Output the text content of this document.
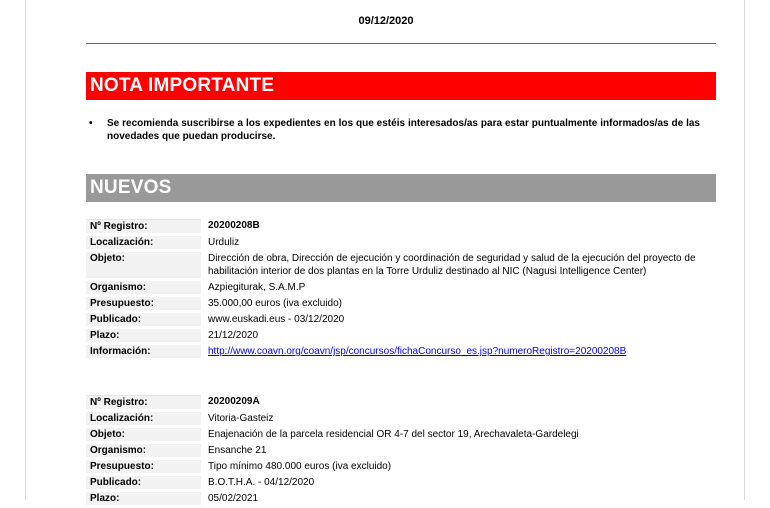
09/12/2020
NOTA IMPORTANTE
• Se recomienda suscribirse a los expedientes en los que estéis interesados/as para estar puntualmente informados/as de las novedades que puedan producirse.
NUEVOS
Nº Registro:	20200208B
Localización:	Urduliz
Objeto:	Dirección de obra, Dirección de ejecución y coordinación de seguridad y salud de la ejecución del proyecto de habilitación interior de dos plantas en la Torre Urduliz destinado al NIC (Nagusi Intelligence Center)
Organismo:	Azpiegiturak, S.A.M.P
Presupuesto:	35.000,00 euros (iva excluido)
Publicado:	www.euskadi.eus - 03/12/2020
Plazo:	21/12/2020
Información:	http://www.coavn.org/coavn/jsp/concursos/fichaConcurso_es.jsp?numeroRegistro=20200208B
Nº Registro:	20200209A
Localización:	Vitoria-Gasteiz
Objeto:	Enajenación de la parcela residencial OR 4-7 del sector 19, Arechavaleta-Gardelegi
Organismo:	Ensanche 21
Presupuesto:	Tipo mínimo 480.000 euros (iva excluido)
Publicado:	B.O.T.H.A. - 04/12/2020
Plazo:	05/02/2021
